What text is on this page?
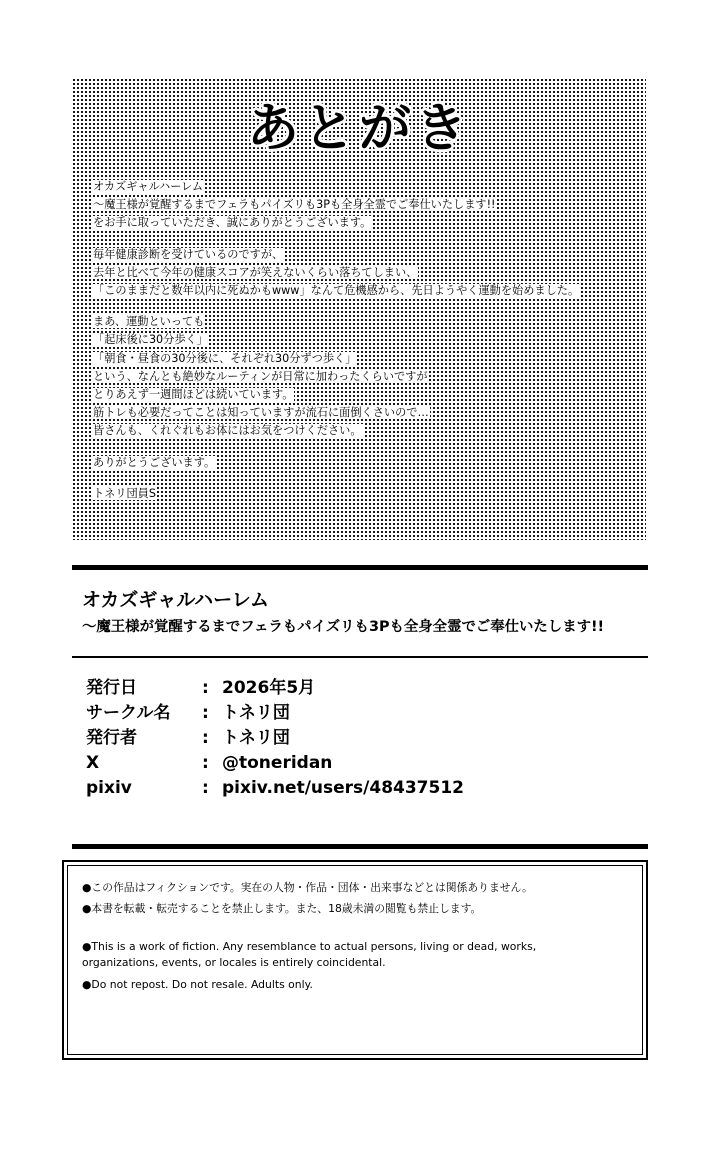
あとがき
オカズギャルハーレム
～魔王様が覚醒するまでフェラもパイズリも3Pも全身全霊でご奉仕いたします!!
をお手に取っていただき、誠にありがとうございます。
毎年健康診断を受けているのですが、
去年と比べて今年の健康スコアが笑えないくらい落ちてしまい、
「このままだと数年以内に死ぬかもwww」なんて危機感から、先日ようやく運動を始めました。
まあ、運動といっても
「起床後に30分歩く」
「朝食・昼食の30分後に、それぞれ30分ずつ歩く」
という、なんとも絶妙なルーティンが日常に加わったくらいですが
とりあえず一週間ほどは続いています。
筋トレも必要だってことは知っていますが流石に面倒くさいので…
皆さんも、くれぐれもお体にはお気をつけください。
ありがとうございます。
トネリ団員S
オカズギャルハーレム
～魔王様が覚醒するまでフェラもパイズリも3Pも全身全霊でご奉仕いたします!!
発行日	: 2026年5月
サークル名 : トネリ団
発行者	: トネリ団
X	: @toneridan
pixiv	: pixiv.net/users/48437512
●この作品はフィクションです。実在の人物・作品・団体・出来事などとは関係ありません。
●本書を転載・転売することを禁止します。また、18歳未満の閲覧も禁止します。
●This is a work of fiction. Any resemblance to actual persons, living or dead, works,
organizations, events, or locales is entirely coincidental.
●Do not repost. Do not resale. Adults only.
